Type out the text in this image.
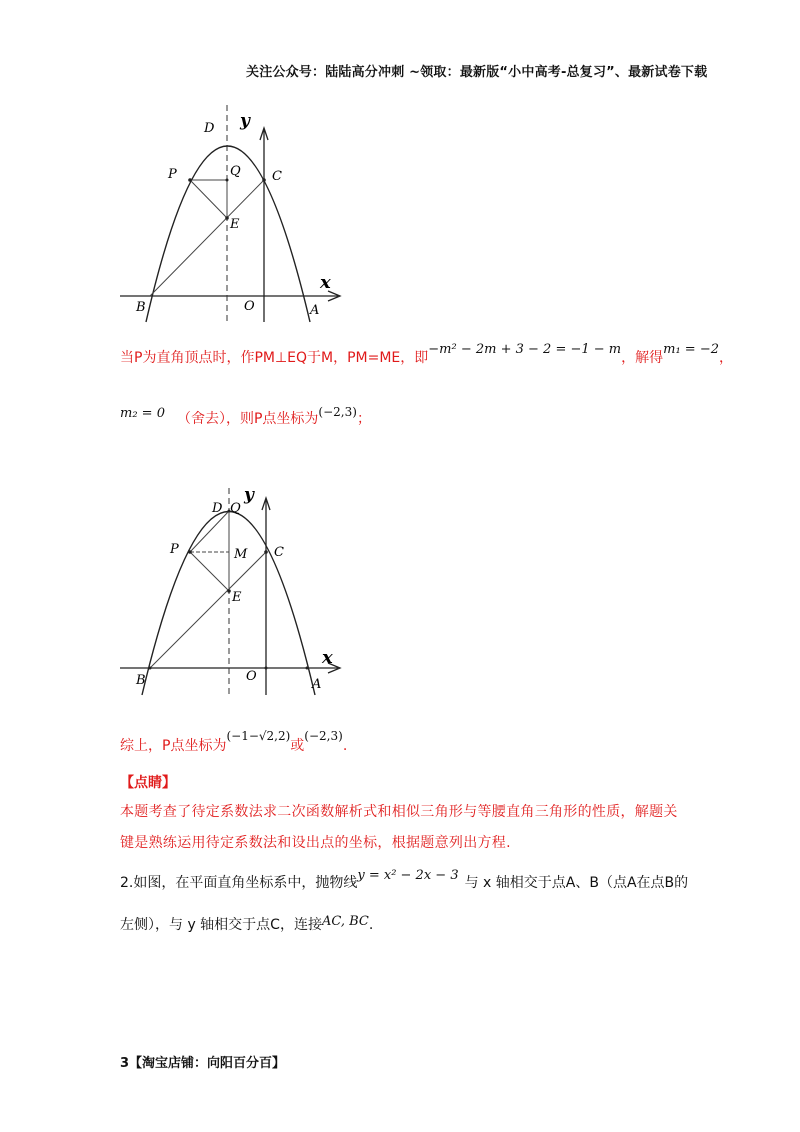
关注公众号：陆陆高分冲刺 ~领取：最新版“小中高考-总复习”、最新试卷下载
D y
P	Q C
E
x
B	O	A
当P为直角顶点时，作PM⊥EQ于M，PM=ME，即−m² − 2m + 3 − 2 = −1 − m，解得m₁ = −2，
m₂ = 0 （舍去），则P点坐标为(−2,3)；
D Q
y
P	M C
E
x
B	O
A
综上，P点坐标为(−1−√2,2)或(−2,3).
【点睛】
本题考查了待定系数法求二次函数解析式和相似三角形与等腰直角三角形的性质，解题关
键是熟练运用待定系数法和设出点的坐标，根据题意列出方程.
2.如图，在平面直角坐标系中，抛物线y = x² − 2x − 3 与 x 轴相交于点A、B（点A在点B的
左侧），与 y 轴相交于点C，连接AC, BC.
3【淘宝店铺：向阳百分百】
